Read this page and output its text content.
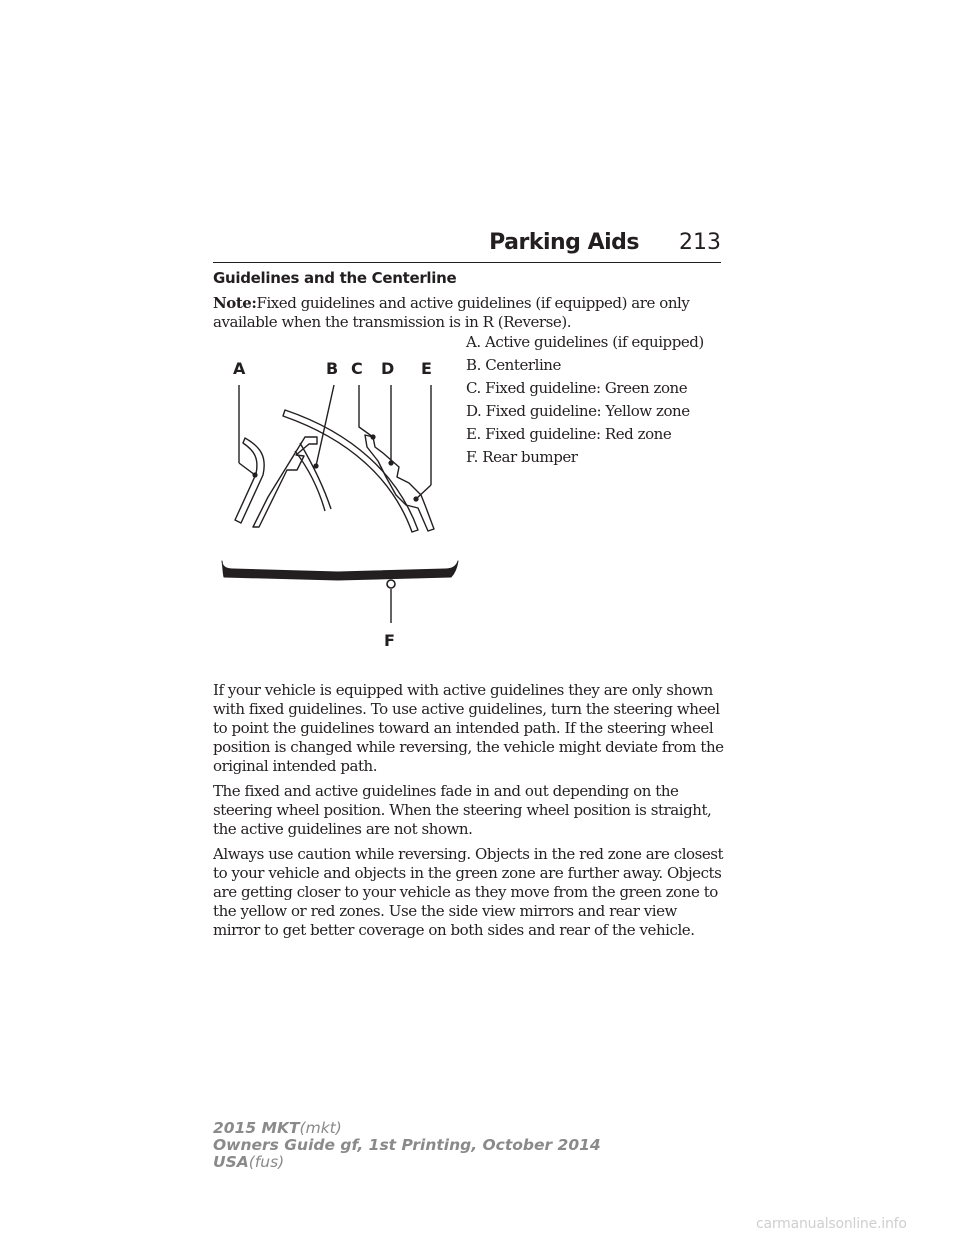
Parking Aids 213
Guidelines and the Centerline
Note:Fixed guidelines and active guidelines (if equipped) are only available when the transmission is in R (Reverse).
A. Active guidelines (if equipped)
B. Centerline
C. Fixed guideline: Green zone
D. Fixed guideline: Yellow zone
E. Fixed guideline: Red zone
F. Rear bumper
A	B C D E
F

If your vehicle is equipped with active guidelines they are only shown with fixed guidelines. To use active guidelines, turn the steering wheel to point the guidelines toward an intended path. If the steering wheel position is changed while reversing, the vehicle might deviate from the original intended path.

The fixed and active guidelines fade in and out depending on the steering wheel position. When the steering wheel position is straight, the active guidelines are not shown.

Always use caution while reversing. Objects in the red zone are closest to your vehicle and objects in the green zone are further away. Objects are getting closer to your vehicle as they move from the green zone to the yellow or red zones. Use the side view mirrors and rear view mirror to get better coverage on both sides and rear of the vehicle.

2015 MKT(mkt)
Owners Guide gf, 1st Printing, October 2014
USA(fus)
carmanualsonline.info
